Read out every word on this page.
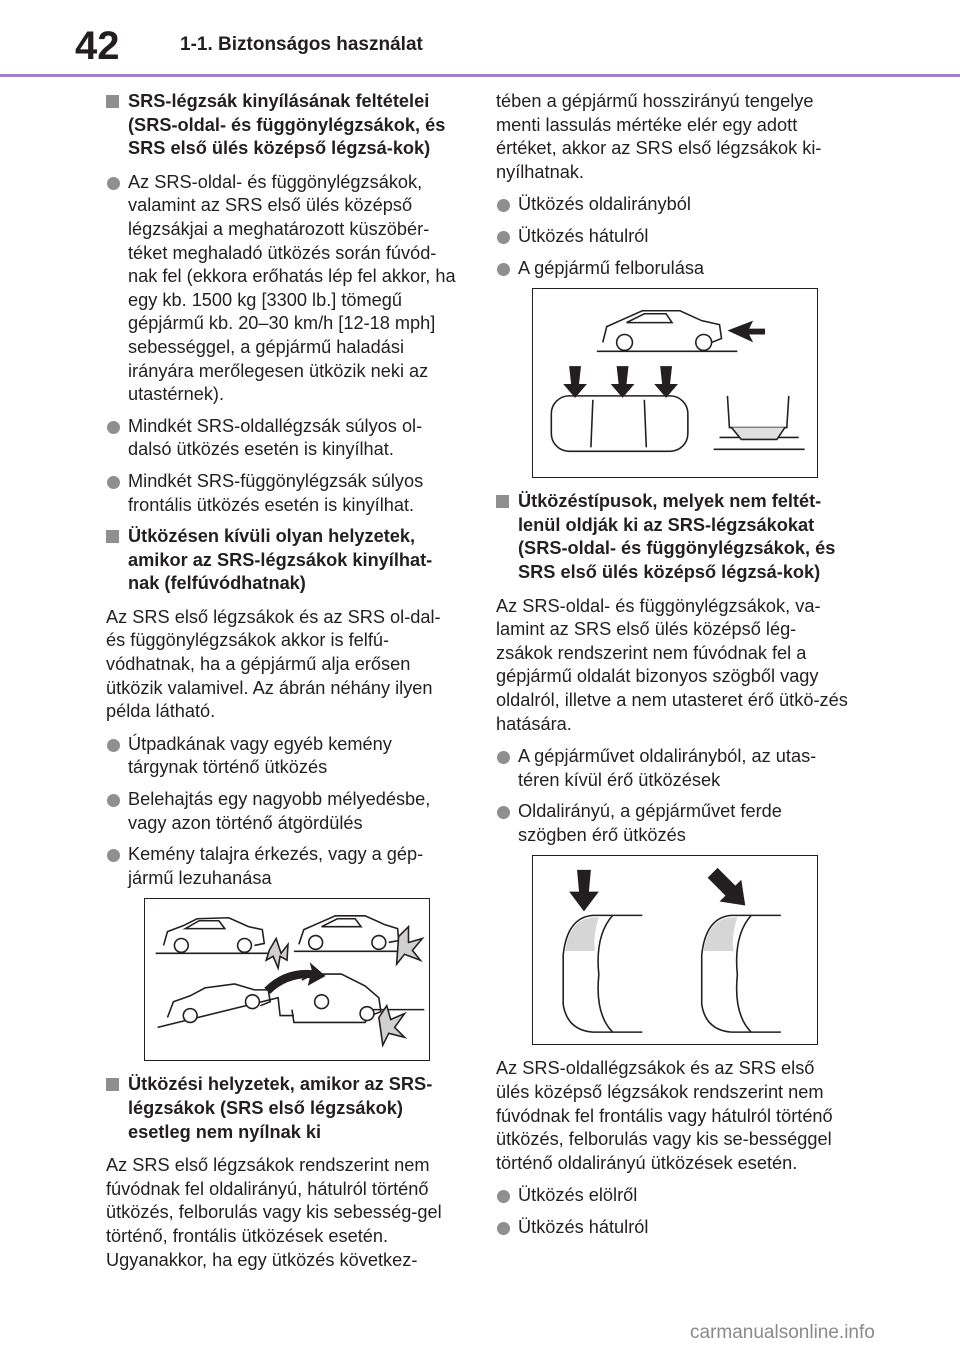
42	1-1. Biztonságos használat
SRS-légzsák kinyílásának feltételei (SRS-oldal- és függönylégzsákok, és SRS első ülés középső légzsá-kok)
Az SRS-oldal- és függönylégzsákok, valamint az SRS első ülés középső légzsákjai a meghatározott küszöbér-téket meghaladó ütközés során fúvód-nak fel (ekkora erőhatás lép fel akkor, ha egy kb. 1500 kg [3300 lb.] tömegű gépjármű kb. 20–30 km/h [12-18 mph] sebességgel, a gépjármű haladási irányára merőlegesen ütközik neki az utastérnek).
Mindkét SRS-oldallégzsák súlyos ol-dalsó ütközés esetén is kinyílhat.
Mindkét SRS-függönylégzsák súlyos frontális ütközés esetén is kinyílhat.
Ütközésen kívüli olyan helyzetek, amikor az SRS-légzsákok kinyílhat-nak (felfúvódhatnak)

Az SRS első légzsákok és az SRS ol-dal- és függönylégzsákok akkor is felfú-vódhatnak, ha a gépjármű alja erősen ütközik valamivel. Az ábrán néhány ilyen példa látható.

Útpadkának vagy egyéb kemény tárgynak történő ütközés
Belehajtás egy nagyobb mélyedésbe, vagy azon történő átgördülés
Kemény talajra érkezés, vagy a gép-jármű lezuhanása
Ütközési helyzetek, amikor az SRS-légzsákok (SRS első légzsákok) esetleg nem nyílnak ki

Az SRS első légzsákok rendszerint nem fúvódnak fel oldalirányú, hátulról történő ütközés, felborulás vagy kis sebesség-gel történő, frontális ütközések esetén. Ugyanakkor, ha egy ütközés következ-

tében a gépjármű hosszirányú tengelye menti lassulás mértéke elér egy adott értéket, akkor az SRS első légzsákok ki-nyílhatnak.

Ütközés oldalirányból
Ütközés hátulról
A gépjármű felborulása
Ütközéstípusok, melyek nem feltét-lenül oldják ki az SRS-légzsákokat (SRS-oldal- és függönylégzsákok, és SRS első ülés középső légzsá-kok)

Az SRS-oldal- és függönylégzsákok, va-lamint az SRS első ülés középső lég-zsákok rendszerint nem fúvódnak fel a gépjármű oldalát bizonyos szögből vagy oldalról, illetve a nem utasteret érő ütkö-zés hatására.

A gépjárművet oldalirányból, az utas-téren kívül érő ütközések
Oldalirányú, a gépjárművet ferde szögben érő ütközés

Az SRS-oldallégzsákok és az SRS első ülés középső légzsákok rendszerint nem fúvódnak fel frontális vagy hátulról történő ütközés, felborulás vagy kis se-bességgel történő oldalirányú ütközések esetén.

Ütközés elölről
Ütközés hátulról
carmanualsonline.info
